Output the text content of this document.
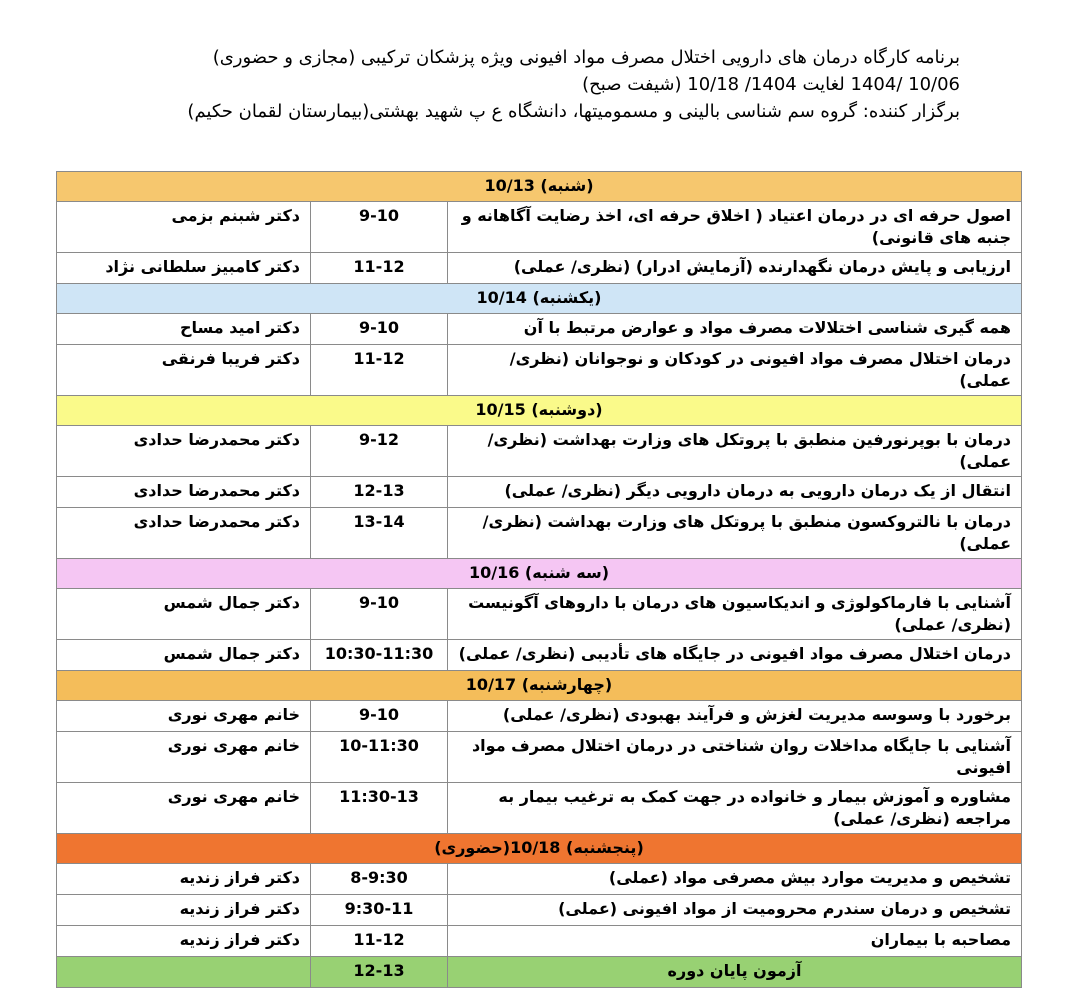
برنامه کارگاه درمان های دارویی اختلال مصرف مواد افیونی ویژه پزشکان ترکیبی (مجازی و حضوری)
10/06 /1404 لغایت 1404/ 10/18 (شیفت صبح)
برگزار کننده: گروه سم شناسی بالینی و مسمومیتها، دانشگاه ع پ شهید بهشتی(بیمارستان لقمان حکیم)
(شنبه) 10/13		
اصول حرفه ای در درمان اعتیاد ( اخلاق حرفه ای، اخذ رضایت آگاهانه و جنبه های قانونی)	9-10	دکتر شبنم بزمی
ارزیابی و پایش درمان نگهدارنده (آزمایش ادرار) (نظری/ عملی)	11-12	دکتر کامبیز سلطانی نژاد
(یکشنبه) 10/14		
همه گیری شناسی اختلالات مصرف مواد و عوارض مرتبط با آن	9-10	دکتر امید مساح
درمان اختلال مصرف مواد افیونی در کودکان و نوجوانان (نظری/ عملی)	11-12	دکتر فریبا فرنقی
(دوشنبه) 10/15		
درمان با بوپرنورفین منطبق با پروتکل های وزارت بهداشت (نظری/ عملی)	9-12	دکتر محمدرضا حدادی
انتقال از یک درمان دارویی به درمان دارویی دیگر (نظری/ عملی)	12-13	دکتر محمدرضا حدادی
درمان با نالتروکسون منطبق با پروتکل های وزارت بهداشت (نظری/ عملی)	13-14	دکتر محمدرضا حدادی
(سه شنبه) 10/16		
آشنایی با فارماکولوژی و اندیکاسیون های درمان با داروهای آگونیست (نظری/ عملی)	9-10	دکتر جمال شمس
درمان اختلال مصرف مواد افیونی در جایگاه های تأدیبی (نظری/ عملی)	10:30-11:30	دکتر جمال شمس
(چهارشنبه) 10/17		
برخورد با وسوسه مدیریت لغزش و فرآیند بهبودی (نظری/ عملی)	9-10	خانم مهری نوری
آشنایی با جایگاه مداخلات روان شناختی در درمان اختلال مصرف مواد افیونی	10-11:30	خانم مهری نوری
مشاوره و آموزش بیمار و خانواده در جهت کمک به ترغیب بیمار به مراجعه (نظری/ عملی)	11:30-13	خانم مهری نوری
(پنجشنبه) 10/18(حضوری)		
تشخیص و مدیریت موارد بیش مصرفی مواد (عملی)	8-9:30	دکتر فراز زندیه
تشخیص و درمان سندرم محرومیت از مواد افیونی (عملی)	9:30-11	دکتر فراز زندیه
مصاحبه با بیماران	11-12	دکتر فراز زندیه
آزمون پایان دوره	12-13	
